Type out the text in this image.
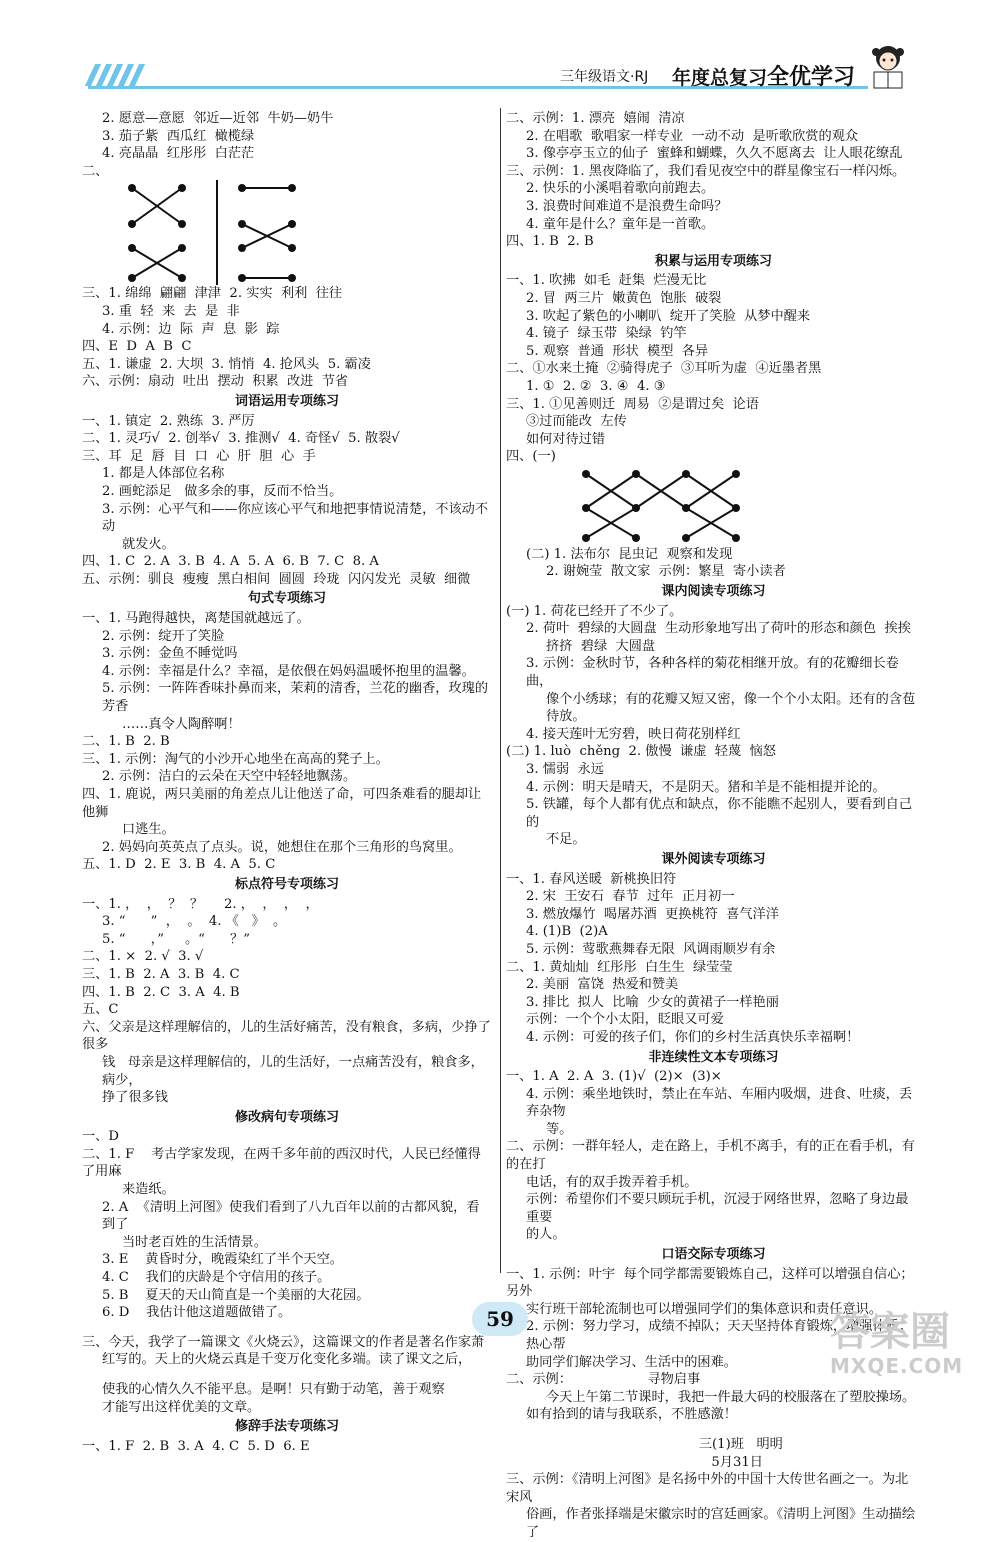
三年级语文·RJ 年度总复习全优学习
2. 愿意—意愿  邻近—近邻  牛奶—奶牛
3. 茄子紫  西瓜红  橄榄绿
4. 亮晶晶  红彤彤  白茫茫
二、
三、1. 绵绵  翩翩  津津  2. 实实  利利  往往
3. 重  轻  来  去  是  非
4. 示例：边  际  声  息  影  踪
四、E  D  A  B  C
五、1. 谦虚  2. 大坝  3. 悄悄  4. 抢风头  5. 霸凌
六、示例：扇动  吐出  摆动  积累  改进  节省
词语运用专项练习
一、1. 镇定  2. 熟练  3. 严厉
二、1. 灵巧√  2. 创举√  3. 推测√  4. 奇怪√  5. 散裂√
三、耳  足  唇  目  口  心  肝  胆  心  手
1. 都是人体部位名称
2. 画蛇添足   做多余的事，反而不恰当。
3. 示例：心平气和——你应该心平气和地把事情说清楚，不该动不动
就发火。
四、1. C  2. A  3. B  4. A  5. A  6. B  7. C  8. A
五、示例：驯良  瘦瘦  黑白相间  圆圆  玲珑  闪闪发光  灵敏  细微
句式专项练习
一、1. 马跑得越快，离楚国就越远了。
2. 示例：绽开了笑脸
3. 示例：金鱼不睡觉吗
4. 示例：幸福是什么？幸福，是依偎在妈妈温暖怀抱里的温馨。
5. 示例：一阵阵香味扑鼻而来，茉莉的清香，兰花的幽香，玫瑰的芳香
……真令人陶醉啊！
二、1. B  2. B
三、1. 示例：淘气的小沙开心地坐在高高的凳子上。
2. 示例：洁白的云朵在天空中轻轻地飘荡。
四、1. 鹿说，两只美丽的角差点儿让他送了命，可四条难看的腿却让他狮
口逃生。
2. 妈妈向英英点了点头。说，她想住在那个三角形的鸟窝里。
五、1. D  2. E  3. B  4. A  5. C
标点符号专项练习
一、1. ，  ，  ？  ？     2. ，  ，  ，  ，
3. “      ”  ，  。  4. 《   》  。
5. “      ，”     。“      ？”
二、1. ×  2. √  3. √
三、1. B  2. A  3. B  4. C
四、1. B  2. C  3. A  4. B
五、C
六、父亲是这样理解信的，儿的生活好痛苦，没有粮食，多病，少挣了很多
钱   母亲是这样理解信的，儿的生活好，一点痛苦没有，粮食多，病少，
挣了很多钱
修改病句专项练习
一、D
二、1. F    考古学家发现，在两千多年前的西汉时代，人民已经懂得了用麻
来造纸。
2. A  《清明上河图》使我们看到了八九百年以前的古都风貌，看到了
当时老百姓的生活情景。
3. E    黄昏时分，晚霞染红了半个天空。
4. C    我们的庆龄是个守信用的孩子。
5. B    夏天的天山简直是一个美丽的大花园。
6. D    我估计他这道题做错了。
三、今天，我学了一篇课文《火烧云》，这篇课文的作者是著名作家萧
红写的。天上的火烧云真是千变万化变化多端。读了课文之后，
使我的心情久久不能平息。是啊！只有勤于动笔，善于观察
才能写出这样优美的文章。
修辞手法专项练习
一、1. F  2. B  3. A  4. C  5. D  6. E
二、示例：1. 漂亮  嬉闹  清凉
2. 在唱歌  歌唱家一样专业  一动不动  是听歌欣赏的观众
3. 像亭亭玉立的仙子  蜜蜂和蝴蝶，久久不愿离去  让人眼花缭乱
三、示例：1. 黑夜降临了，我们看见夜空中的群星像宝石一样闪烁。
2. 快乐的小溪唱着歌向前跑去。
3. 浪费时间难道不是浪费生命吗？
4. 童年是什么？童年是一首歌。
四、1. B  2. B
积累与运用专项练习
一、1. 吹拂  如毛  赶集  烂漫无比
2. 冒  两三片  嫩黄色  饱胀  破裂
3. 吹起了紫色的小喇叭  绽开了笑脸  从梦中醒来
4. 镜子  绿玉带  染绿  钓竿
5. 观察  普通  形状  模型  各异
二、①水来土掩  ②骑得虎子  ③耳听为虚  ④近墨者黑
1. ①  2. ②  3. ④  4. ③
三、1. ①见善则迁  周易  ②是谓过矣  论语
③过而能改  左传
如何对待过错
四、(一)
(二) 1. 法布尔  昆虫记  观察和发现
2. 谢婉莹  散文家  示例：繁星  寄小读者
课内阅读专项练习
(一) 1. 荷花已经开了不少了。
2. 荷叶  碧绿的大圆盘  生动形象地写出了荷叶的形态和颜色  挨挨
挤挤  碧绿  大圆盘
3. 示例：金秋时节，各种各样的菊花相继开放。有的花瓣细长卷曲，
像个小绣球；有的花瓣又短又密，像一个个小太阳。还有的含苞
待放。
4. 接天莲叶无穷碧，映日荷花别样红
(二) 1. luò  chěng  2. 傲慢  谦虚  轻蔑  恼怒
3. 懦弱  永远
4. 示例：明天是晴天，不是阴天。猪和羊是不能相提并论的。
5. 铁罐，每个人都有优点和缺点，你不能瞧不起别人，要看到自己的
不足。
课外阅读专项练习
一、1. 春风送暖  新桃换旧符
2. 宋  王安石  春节  过年  正月初一
3. 燃放爆竹  喝屠苏酒  更换桃符  喜气洋洋
4. (1)B  (2)A
5. 示例：莺歌燕舞春无限  风调雨顺岁有余
二、1. 黄灿灿  红彤彤  白生生  绿莹莹
2. 美丽  富饶  热爱和赞美
3. 排比  拟人  比喻  少女的黄裙子一样艳丽
示例：一个个小太阳，眨眼又可爱
4. 示例：可爱的孩子们，你们的乡村生活真快乐幸福啊！
非连续性文本专项练习
一、1. A  2. A  3. (1)√  (2)×  (3)×
4. 示例：乘坐地铁时，禁止在车站、车厢内吸烟，进食、吐痰，丢弃杂物
等。
二、示例：一群年轻人，走在路上，手机不离手，有的正在看手机，有的在打
电话，有的双手拨弄着手机。
示例：希望你们不要只顾玩手机，沉浸于网络世界，忽略了身边最重要
的人。
口语交际专项练习
一、1. 示例：叶宇  每个同学都需要锻炼自己，这样可以增强自信心；另外
实行班干部轮流制也可以增强同学们的集体意识和责任意识。
2. 示例：努力学习，成绩不掉队；天天坚持体育锻炼，增强体质；热心帮
助同学们解决学习、生活中的困难。
二、示例：                  寻物启事
今天上午第二节课时，我把一件最大码的校服落在了塑胶操场。
如有拾到的请与我联系，不胜感激！
三(1)班   明明
5月31日
三、示例：《清明上河图》是名扬中外的中国十大传世名画之一。为北宋风
俗画，作者张择端是宋徽宗时的宫廷画家。《清明上河图》生动描绘了
59	答案圈
MXQE.COM
